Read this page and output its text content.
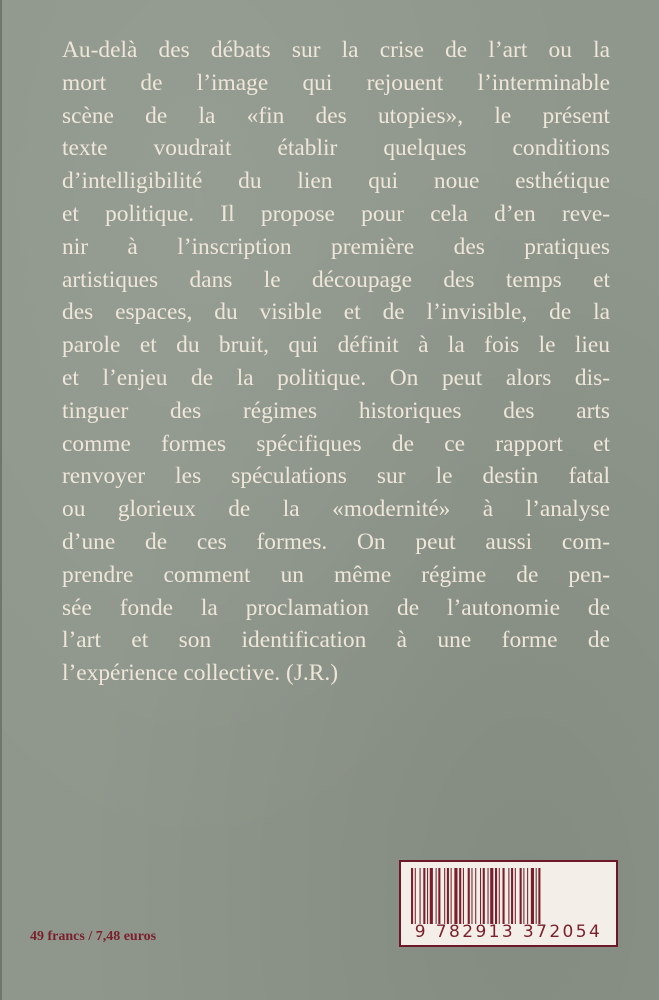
Au-delà des débats sur la crise de l’art ou la
mort de l’image qui rejouent l’interminable
scène de la «fin des utopies», le présent
texte voudrait établir quelques conditions
d’intelligibilité du lien qui noue esthétique
et politique. Il propose pour cela d’en reve-
nir à l’inscription première des pratiques
artistiques dans le découpage des temps et
des espaces, du visible et de l’invisible, de la
parole et du bruit, qui définit à la fois le lieu
et l’enjeu de la politique. On peut alors dis-
tinguer des régimes historiques des arts
comme formes spécifiques de ce rapport et
renvoyer les spéculations sur le destin fatal
ou glorieux de la «modernité» à l’analyse
d’une de ces formes. On peut aussi com-
prendre comment un même régime de pen-
sée fonde la proclamation de l’autonomie de
l’art et son identification à une forme de
l’expérience collective. (J.R.)

49 francs / 7,48 euros	9 782913 372054
